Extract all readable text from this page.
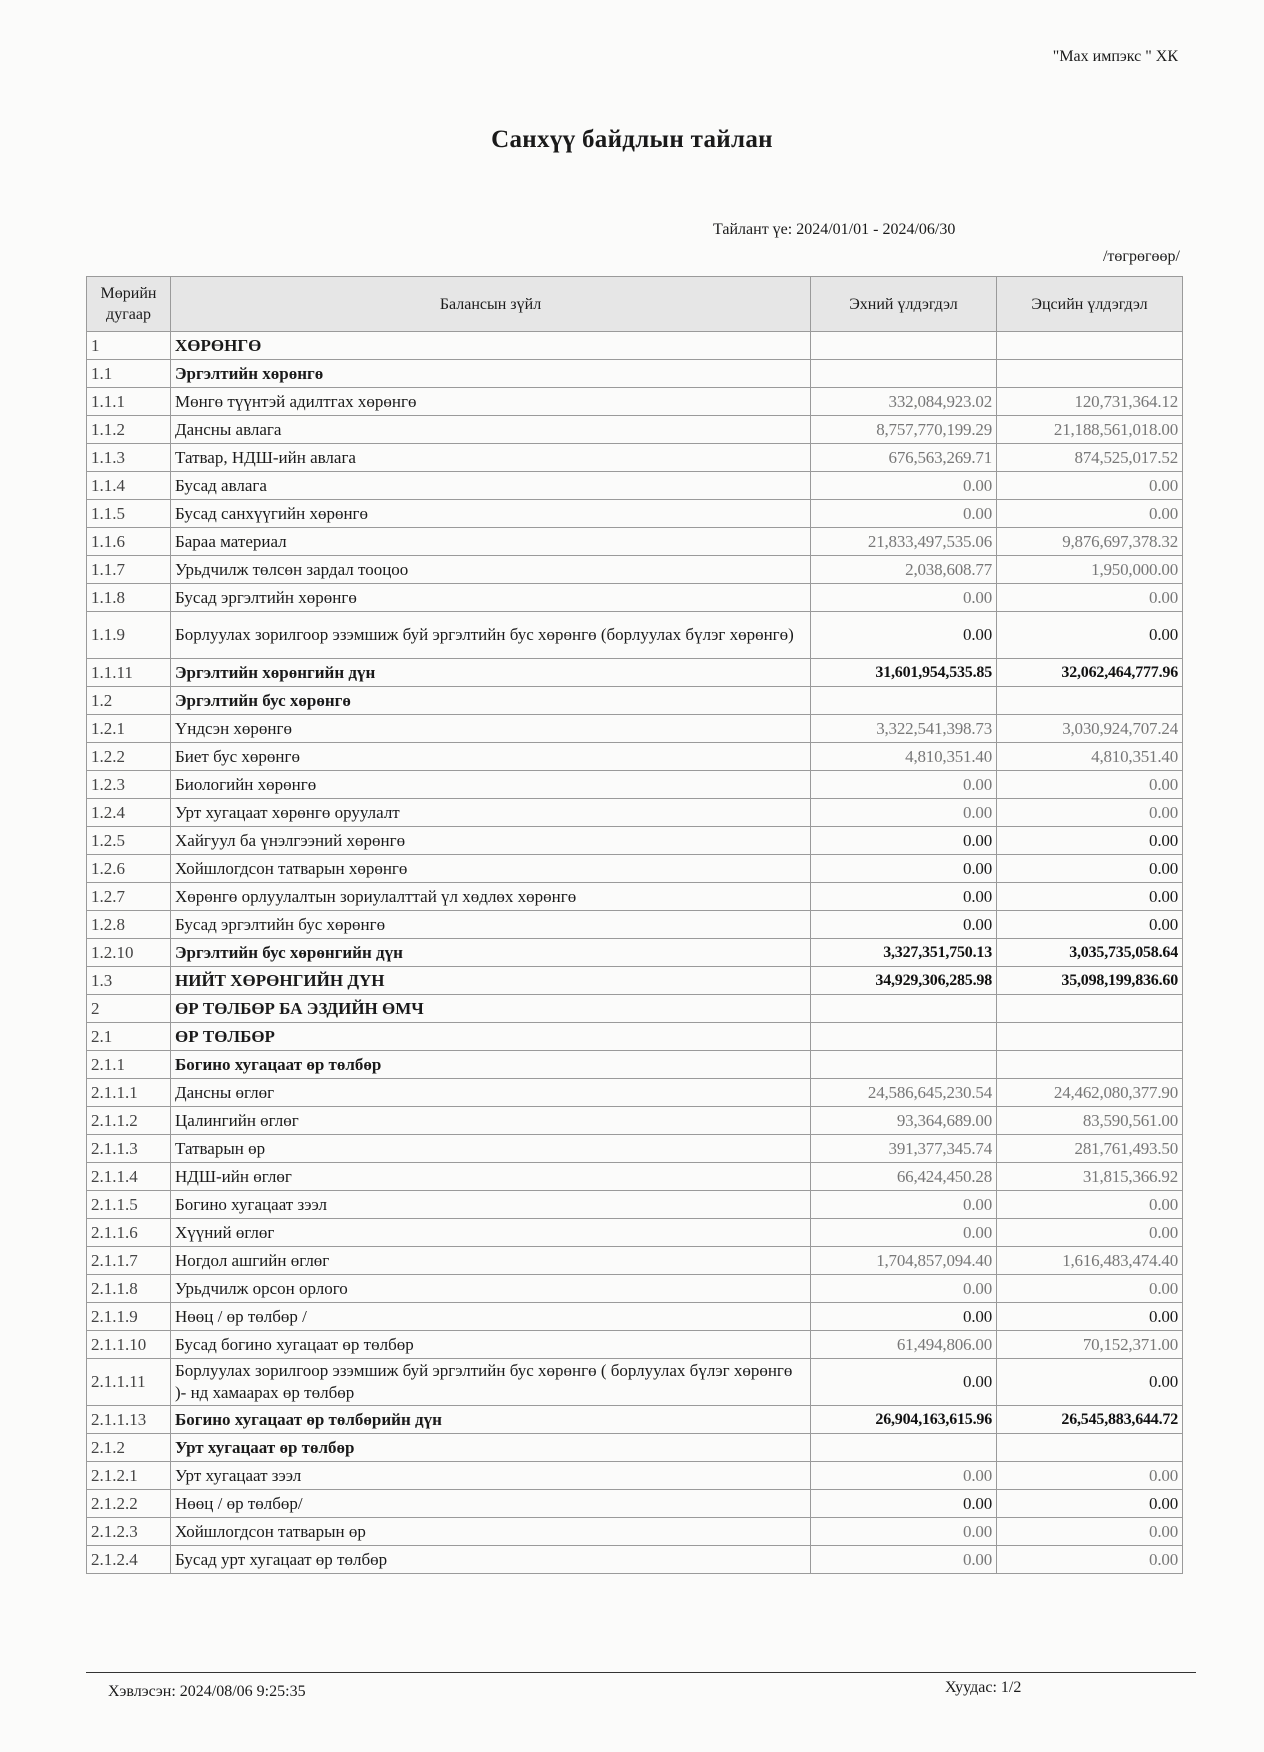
"Max импэкс " ХК
Санхүү байдлын тайлан
Тайлант үе: 2024/01/01 - 2024/06/30
/төгрөгөөр/
Мөрийн дугаар	Балансын зүйл	Эхний үлдэгдэл	Эцсийн үлдэгдэл
1	ХӨРӨНГӨ		
1.1	Эргэлтийн хөрөнгө		
1.1.1	Мөнгө түүнтэй адилтгах хөрөнгө	332,084,923.02	120,731,364.12
1.1.2	Дансны авлага	8,757,770,199.29	21,188,561,018.00
1.1.3	Татвар, НДШ-ийн авлага	676,563,269.71	874,525,017.52
1.1.4	Бусад авлага	0.00	0.00
1.1.5	Бусад санхүүгийн хөрөнгө	0.00	0.00
1.1.6	Бараа материал	21,833,497,535.06	9,876,697,378.32
1.1.7	Урьдчилж төлсөн зардал тооцоо	2,038,608.77	1,950,000.00
1.1.8	Бусад эргэлтийн хөрөнгө	0.00	0.00
1.1.9	Борлуулах зорилгоор эзэмшиж буй эргэлтийн бус хөрөнгө (борлуулах бүлэг хөрөнгө)	0.00	0.00
1.1.11	Эргэлтийн хөрөнгийн дүн	31,601,954,535.85	32,062,464,777.96
1.2	Эргэлтийн бус хөрөнгө		
1.2.1	Үндсэн хөрөнгө	3,322,541,398.73	3,030,924,707.24
1.2.2	Биет бус хөрөнгө	4,810,351.40	4,810,351.40
1.2.3	Биологийн хөрөнгө	0.00	0.00
1.2.4	Урт хугацаат хөрөнгө оруулалт	0.00	0.00
1.2.5	Хайгуул ба үнэлгээний хөрөнгө	0.00	0.00
1.2.6	Хойшлогдсон татварын хөрөнгө	0.00	0.00
1.2.7	Хөрөнгө орлуулалтын зориулалттай үл хөдлөх хөрөнгө	0.00	0.00
1.2.8	Бусад эргэлтийн бус хөрөнгө	0.00	0.00
1.2.10	Эргэлтийн бус хөрөнгийн дүн	3,327,351,750.13	3,035,735,058.64
1.3	НИЙТ ХӨРӨНГИЙН ДҮН	34,929,306,285.98	35,098,199,836.60
2	ӨР ТӨЛБӨР БА ЭЗДИЙН ӨМЧ		
2.1	ӨР ТӨЛБӨР		
2.1.1	Богино хугацаат өр төлбөр		
2.1.1.1	Дансны өглөг	24,586,645,230.54	24,462,080,377.90
2.1.1.2	Цалингийн өглөг	93,364,689.00	83,590,561.00
2.1.1.3	Татварын өр	391,377,345.74	281,761,493.50
2.1.1.4	НДШ-ийн өглөг	66,424,450.28	31,815,366.92
2.1.1.5	Богино хугацаат зээл	0.00	0.00
2.1.1.6	Хүүний өглөг	0.00	0.00
2.1.1.7	Ногдол ашгийн өглөг	1,704,857,094.40	1,616,483,474.40
2.1.1.8	Урьдчилж орсон орлого	0.00	0.00
2.1.1.9	Нөөц / өр төлбөр /	0.00	0.00
2.1.1.10	Бусад богино хугацаат өр төлбөр	61,494,806.00	70,152,371.00
2.1.1.11	Борлуулах зорилгоор эзэмшиж буй эргэлтийн бус хөрөнгө ( борлуулах бүлэг хөрөнгө )- нд хамаарах өр төлбөр	0.00	0.00
2.1.1.13	Богино хугацаат өр төлбөрийн дүн	26,904,163,615.96	26,545,883,644.72
2.1.2	Урт хугацаат өр төлбөр		
2.1.2.1	Урт хугацаат зээл	0.00	0.00
2.1.2.2	Нөөц / өр төлбөр/	0.00	0.00
2.1.2.3	Хойшлогдсон татварын өр	0.00	0.00
2.1.2.4	Бусад урт хугацаат өр төлбөр	0.00	0.00
Хэвлэсэн: 2024/08/06 9:25:35	Хуудас: 1/2
